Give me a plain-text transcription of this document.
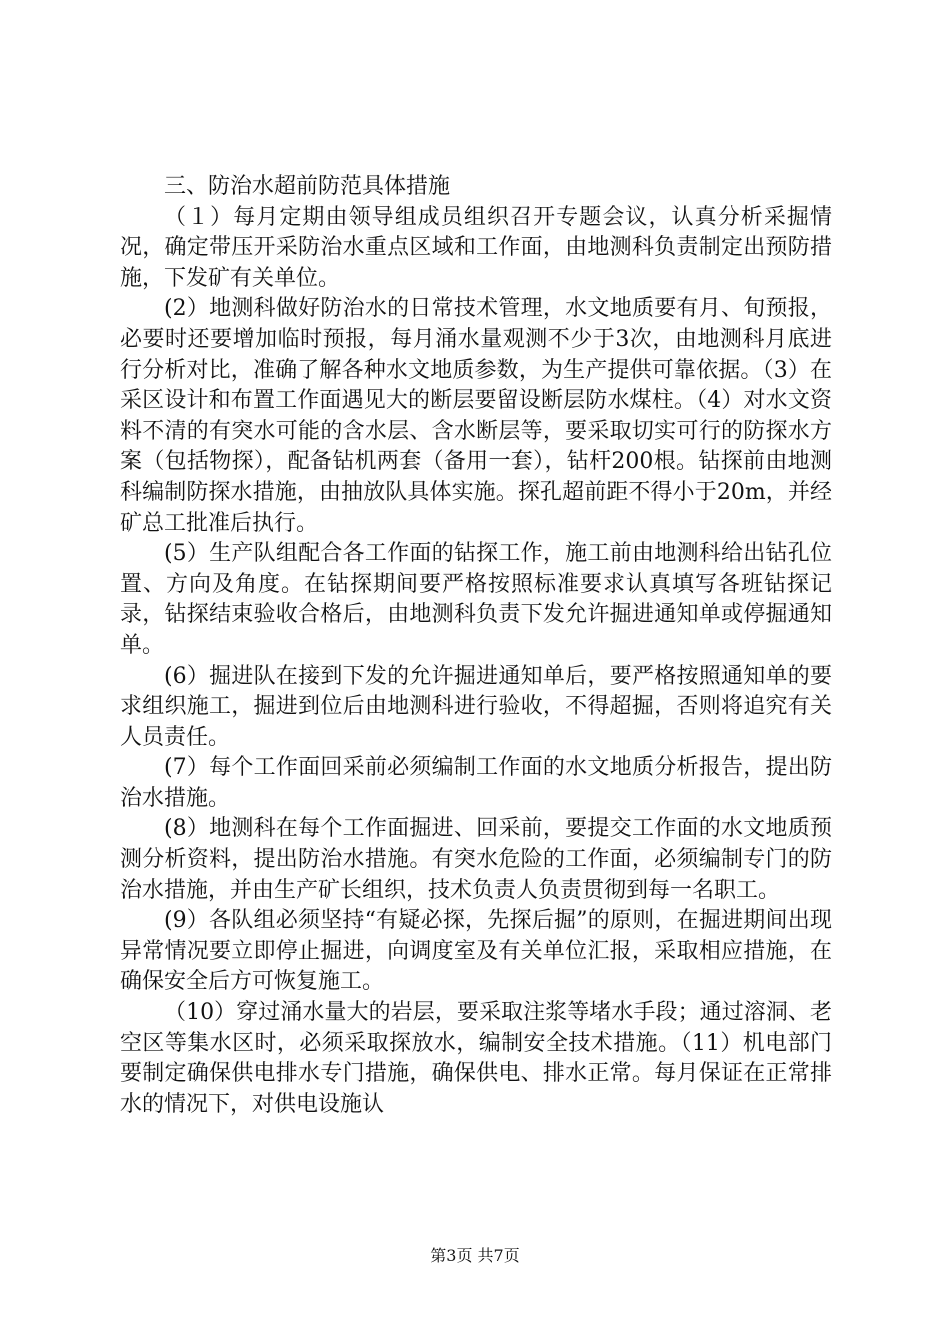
三、防治水超前防范具体措施

（１）每月定期由领导组成员组织召开专题会议，认真分析采掘情况，确定带压开采防治水重点区域和工作面，由地测科负责制定出预防措施，下发矿有关单位。

(2）地测科做好防治水的日常技术管理，水文地质要有月、旬预报，必要时还要增加临时预报，每月涌水量观测不少于3次，由地测科月底进行分析对比，准确了解各种水文地质参数，为生产提供可靠依据。（3）在采区设计和布置工作面遇见大的断层要留设断层防水煤柱。（4）对水文资料不清的有突水可能的含水层、含水断层等，要采取切实可行的防探水方案（包括物探），配备钻机两套（备用一套），钻杆200根。钻探前由地测科编制防探水措施，由抽放队具体实施。探孔超前距不得小于20m，并经矿总工批准后执行。

(5）生产队组配合各工作面的钻探工作，施工前由地测科给出钻孔位置、方向及角度。在钻探期间要严格按照标准要求认真填写各班钻探记录，钻探结束验收合格后，由地测科负责下发允许掘进通知单或停掘通知单。

(6）掘进队在接到下发的允许掘进通知单后，要严格按照通知单的要求组织施工，掘进到位后由地测科进行验收，不得超掘，否则将追究有关人员责任。

(7）每个工作面回采前必须编制工作面的水文地质分析报告，提出防治水措施。

(8）地测科在每个工作面掘进、回采前，要提交工作面的水文地质预测分析资料，提出防治水措施。有突水危险的工作面，必须编制专门的防治水措施，并由生产矿长组织，技术负责人负责贯彻到每一名职工。

(9）各队组必须坚持“有疑必探，先探后掘”的原则，在掘进期间出现异常情况要立即停止掘进，向调度室及有关单位汇报，采取相应措施，在确保安全后方可恢复施工。

（10）穿过涌水量大的岩层，要采取注浆等堵水手段；通过溶洞、老空区等集水区时，必须采取探放水，编制安全技术措施。（11）机电部门要制定确保供电排水专门措施，确保供电、排水正常。每月保证在正常排水的情况下，对供电设施认

第3页 共7页
